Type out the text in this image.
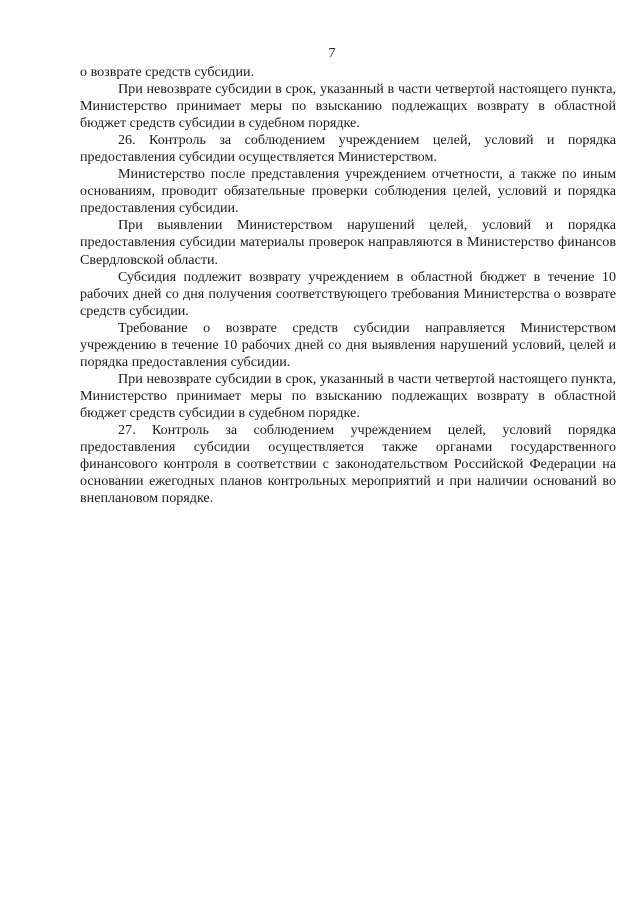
7

о возврате средств субсидии.

При невозврате субсидии в срок, указанный в части четвертой настоящего пункта, Министерство принимает меры по взысканию подлежащих возврату в областной бюджет средств субсидии в судебном порядке.

26. Контроль за соблюдением учреждением целей, условий и порядка предоставления субсидии осуществляется Министерством.

Министерство после представления учреждением отчетности, а также по иным основаниям, проводит обязательные проверки соблюдения целей, условий и порядка предоставления субсидии.

При выявлении Министерством нарушений целей, условий и порядка предоставления субсидии материалы проверок направляются в Министерство финансов Свердловской области.

Субсидия подлежит возврату учреждением в областной бюджет в течение 10 рабочих дней со дня получения соответствующего требования Министерства о возврате средств субсидии.

Требование о возврате средств субсидии направляется Министерством учреждению в течение 10 рабочих дней со дня выявления нарушений условий, целей и порядка предоставления субсидии.

При невозврате субсидии в срок, указанный в части четвертой настоящего пункта, Министерство принимает меры по взысканию подлежащих возврату в областной бюджет средств субсидии в судебном порядке.

27. Контроль за соблюдением учреждением целей, условий порядка предоставления субсидии осуществляется также органами государственного финансового контроля в соответствии с законодательством Российской Федерации на основании ежегодных планов контрольных мероприятий и при наличии оснований во внеплановом порядке.
